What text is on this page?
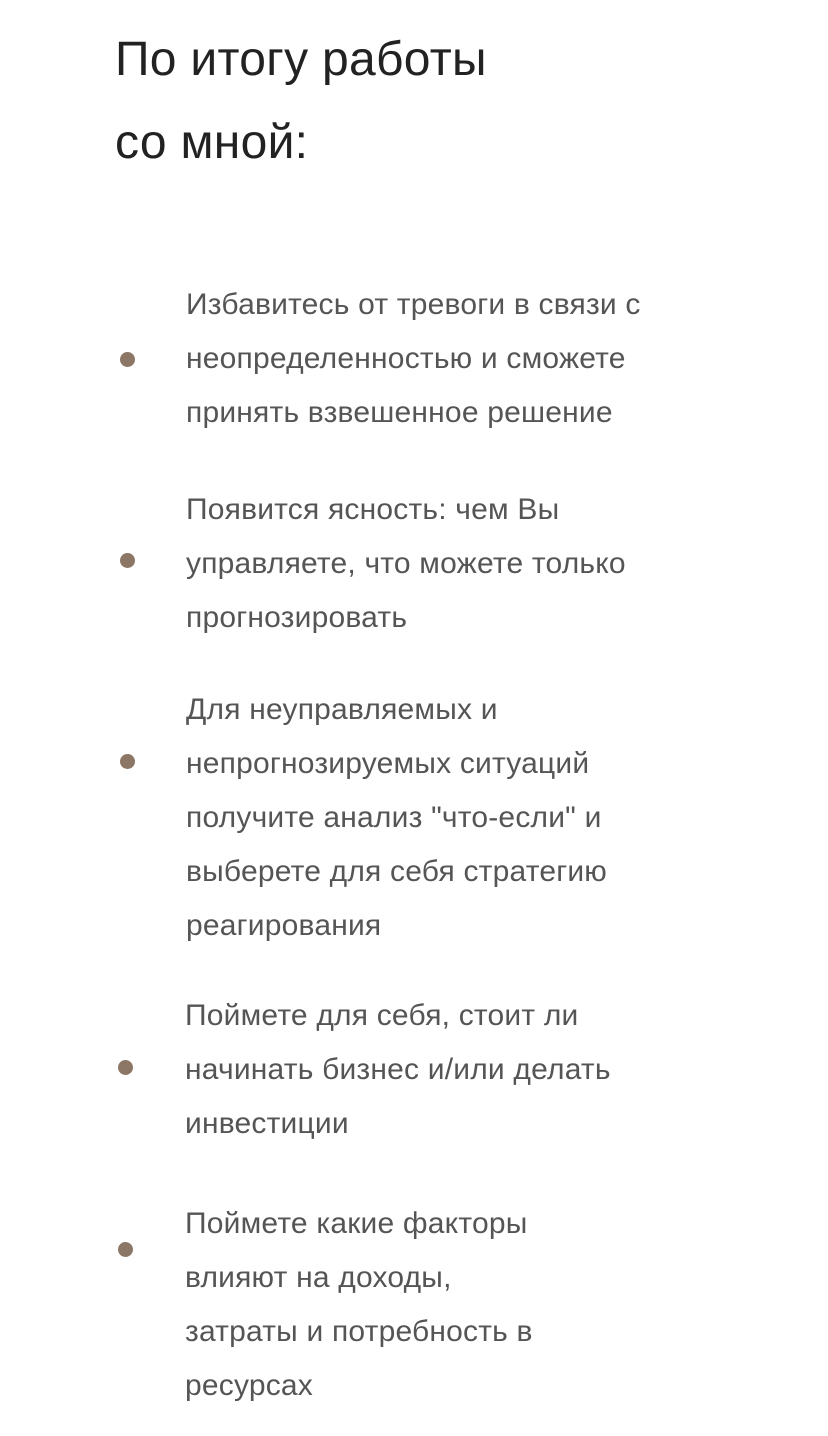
По итогу работы
со мной:

Избавитесь от тревоги в связи с
неопределенностью и сможете
принять взвешенное решение

Появится ясность: чем Вы
управляете, что можете только
прогнозировать

Для неуправляемых и
непрогнозируемых ситуаций
получите анализ "что-если" и
выберете для себя стратегию
реагирования

Поймете для себя, стоит ли
начинать бизнес и/или делать
инвестиции

Поймете какие факторы
влияют на доходы,
затраты и потребность в
ресурсах
